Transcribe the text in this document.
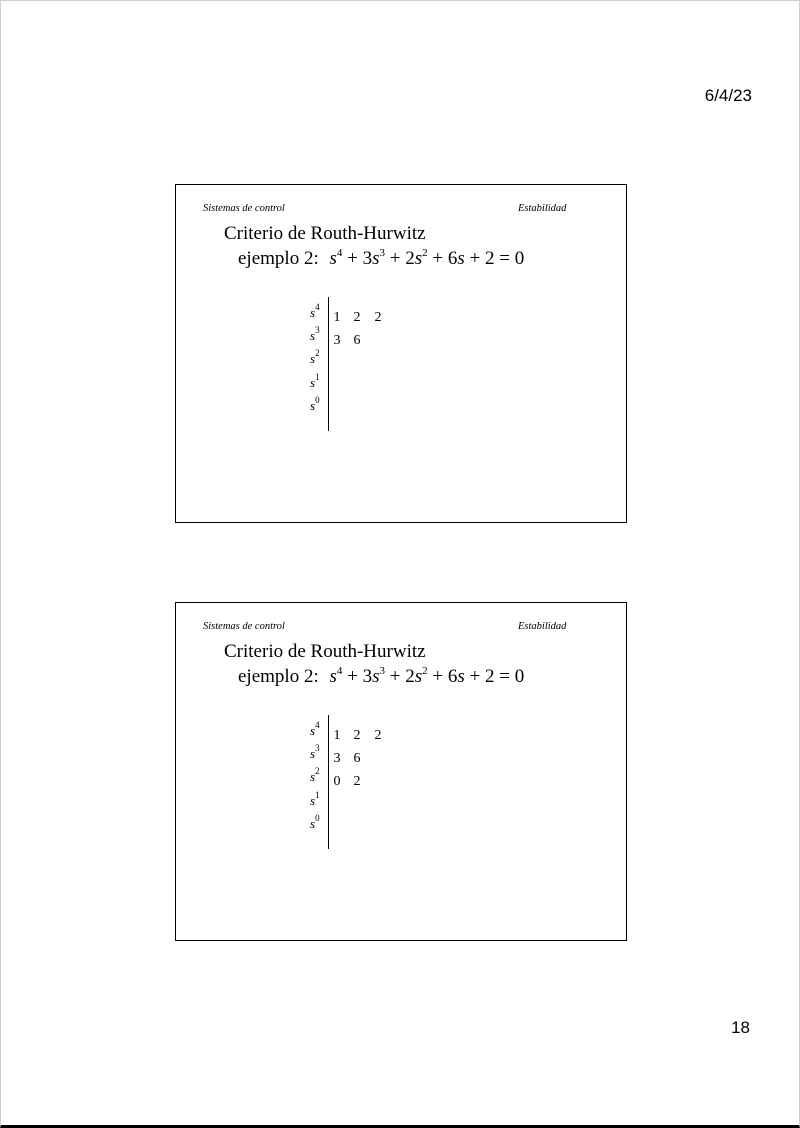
6/4/23
Sistemas de control	Estabilidad
Criterio de Routh-Hurwitz
ejemplo 2: $s^4 + 3s^3 + 2s^2 + 6s + 2 = 0$
$s^4$
$s^3$
$s^2$
$s^1$
$s^0$
1 2 2
3 6
Sistemas de control	Estabilidad
Criterio de Routh-Hurwitz
ejemplo 2: $s^4 + 3s^3 + 2s^2 + 6s + 2 = 0$
$s^4$
$s^3$
$s^2$
$s^1$
$s^0$
1 2 2
3 6
0 2
18
